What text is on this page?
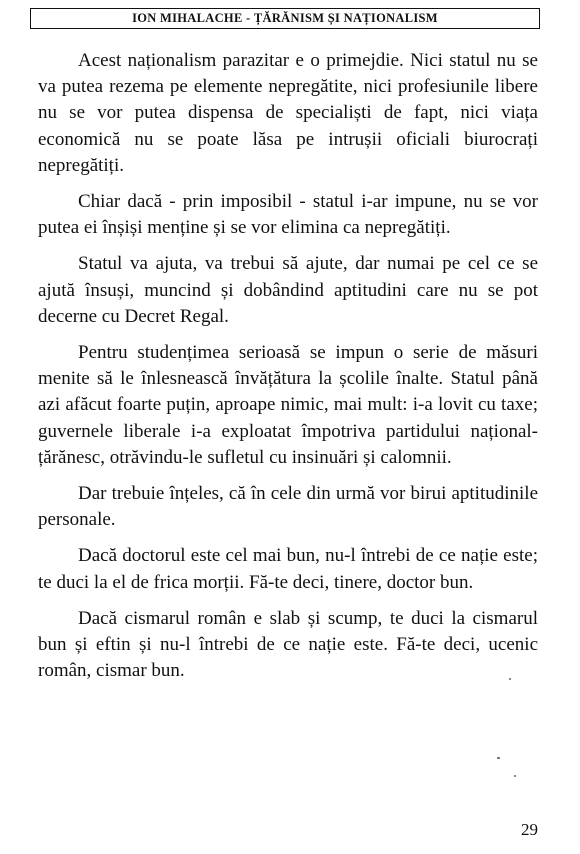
ION MIHALACHE - ȚĂRĂNISM ȘI NAȚIONALISM

Acest naționalism parazitar e o primejdie. Nici statul nu se va putea rezema pe elemente nepregătite, nici profesiunile libere nu se vor putea dispensa de specialiști de fapt, nici viața economică nu se poate lăsa pe intrușii oficiali biurocrați nepregătiți.

Chiar dacă - prin imposibil - statul i-ar impune, nu se vor putea ei înșiși menține și se vor elimina ca nepregătiți.

Statul va ajuta, va trebui să ajute, dar numai pe cel ce se ajută însuși, muncind și dobândind aptitudini care nu se pot decerne cu Decret Regal.

Pentru studențimea serioasă se impun o serie de măsuri menite să le înlesnească învățătura la școlile înalte. Statul până azi afăcut foarte puțin, aproape nimic, mai mult: i-a lovit cu taxe; guvernele liberale i-a exploatat împotriva partidului național-țărănesc, otrăvindu-le sufletul cu insinuări și calomnii.

Dar trebuie înțeles, că în cele din urmă vor birui aptitudinile personale.

Dacă doctorul este cel mai bun, nu-l întrebi de ce nație este; te duci la el de frica morții. Fă-te deci, tinere, doctor bun.

Dacă cismarul român e slab și scump, te duci la cismarul bun și eftin și nu-l întrebi de ce nație este. Fă-te deci, ucenic român, cismar bun.

29
